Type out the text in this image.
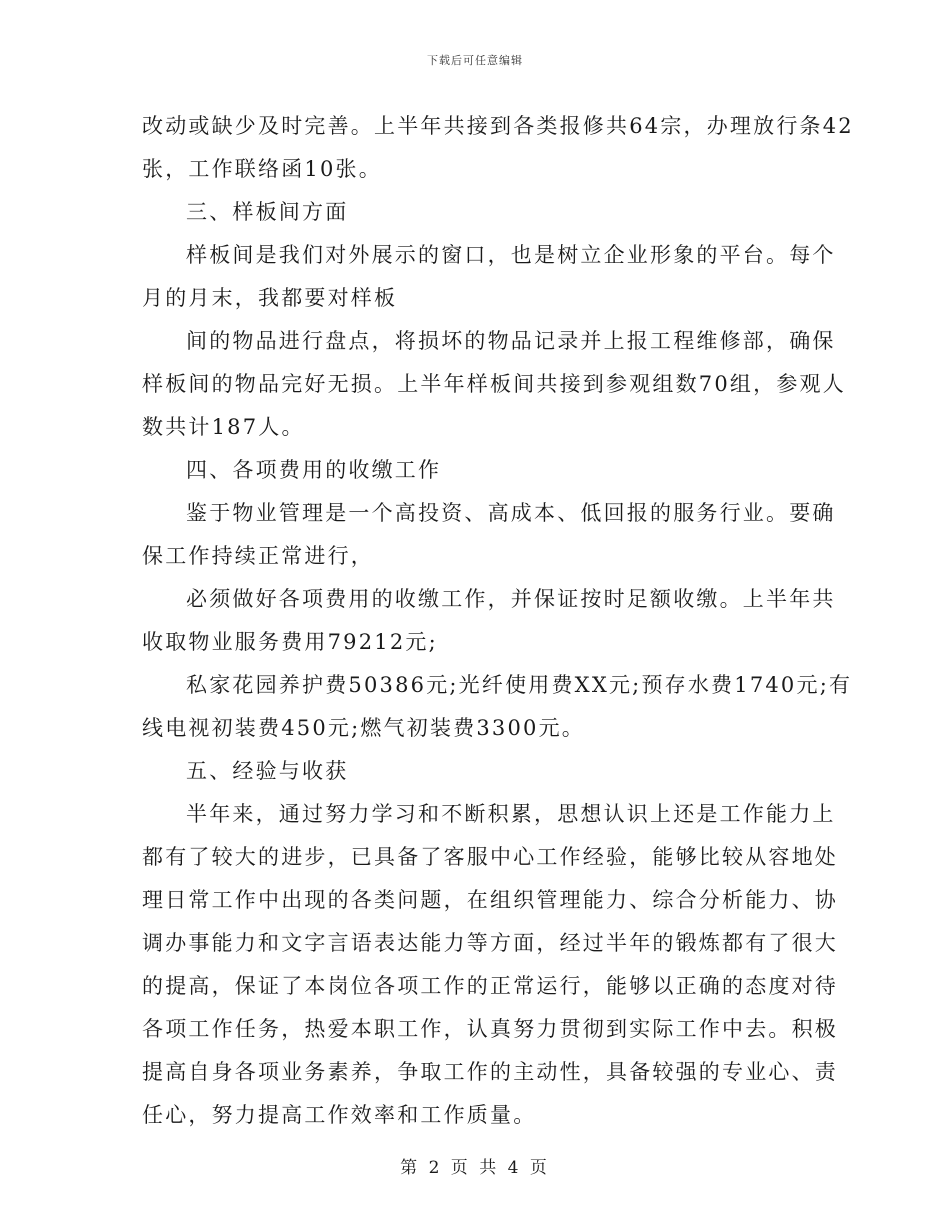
下载后可任意编辑
改动或缺少及时完善。上半年共接到各类报修共64宗，办理放行条42
张，工作联络函10张。
三、样板间方面
样板间是我们对外展示的窗口，也是树立企业形象的平台。每个
月的月末，我都要对样板
间的物品进行盘点，将损坏的物品记录并上报工程维修部，确保
样板间的物品完好无损。上半年样板间共接到参观组数70组，参观人
数共计187人。
四、各项费用的收缴工作
鉴于物业管理是一个高投资、高成本、低回报的服务行业。要确
保工作持续正常进行，
必须做好各项费用的收缴工作，并保证按时足额收缴。上半年共
收取物业服务费用79212元;
私家花园养护费50386元;光纤使用费XX元;预存水费1740元;有
线电视初装费450元;燃气初装费3300元。
五、经验与收获
半年来，通过努力学习和不断积累，思想认识上还是工作能力上
都有了较大的进步，已具备了客服中心工作经验，能够比较从容地处
理日常工作中出现的各类问题，在组织管理能力、综合分析能力、协
调办事能力和文字言语表达能力等方面，经过半年的锻炼都有了很大
的提高，保证了本岗位各项工作的正常运行，能够以正确的态度对待
各项工作任务，热爱本职工作，认真努力贯彻到实际工作中去。积极
提高自身各项业务素养，争取工作的主动性，具备较强的专业心、责
任心，努力提高工作效率和工作质量。
第 2 页 共 4 页
